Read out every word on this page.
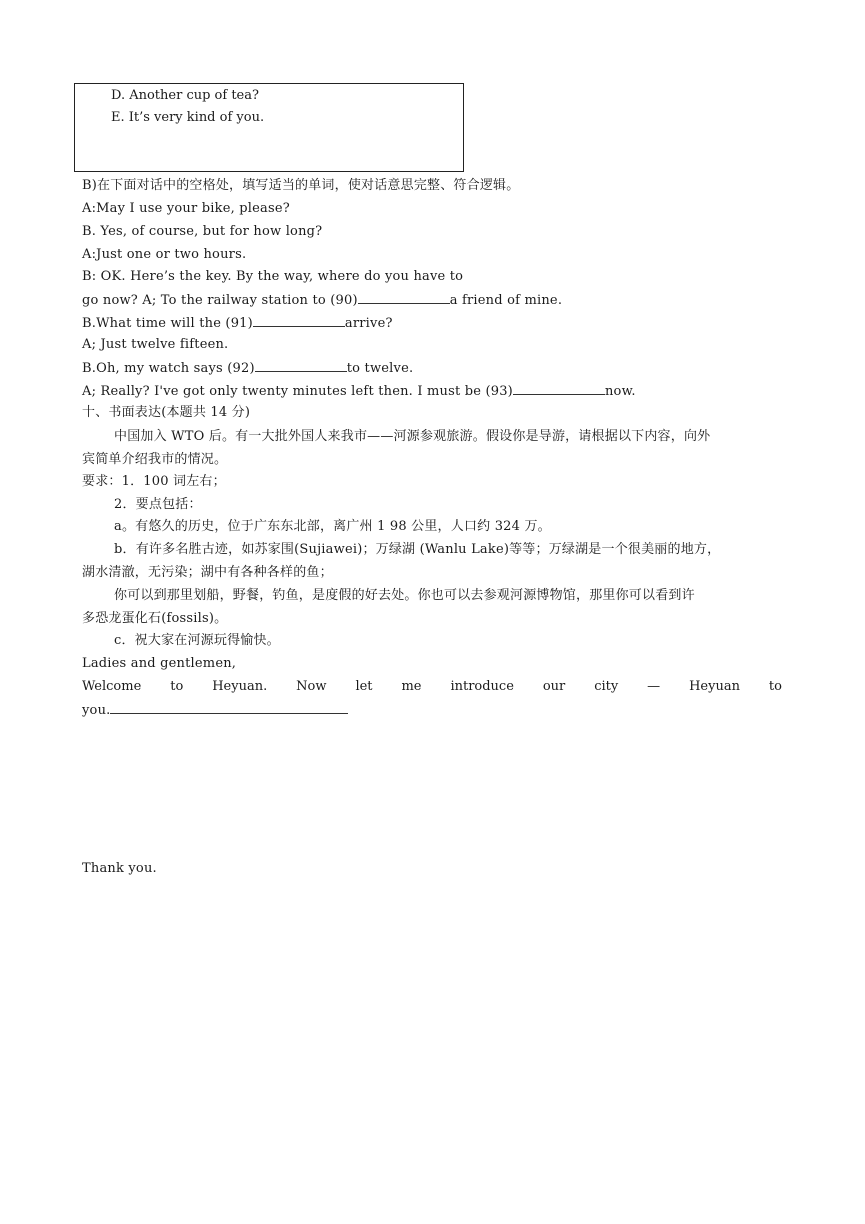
D. Another cup of tea?
E. It’s very kind of you.
B)在下面对话中的空格处，填写适当的单词，使对话意思完整、符合逻辑。
A:May I use your bike, please?
B. Yes, of course, but for how long?
A:Just one or two hours.
B: OK. Here’s the key. By the way, where do you have to
go now? A; To the railway station to (90)	a friend of mine.
B.What time will the (91)	arrive?
A; Just twelve fifteen.
B.Oh, my watch says (92)	to twelve.
A; Really? I've got only twenty minutes left then. I must be (93)	now.
十、书面表达(本题共 14 分)
中国加入 WTO 后。有一大批外国人来我市——河源参观旅游。假设你是导游，请根据以下内容，向外
宾简单介绍我市的情况。
要求：1．100 词左右；
2．要点包括：
a。有悠久的历史，位于广东东北部，离广州 1 98 公里，人口约 324 万。
b．有许多名胜古迹，如苏家围(Sujiawei)；万绿湖 (Wanlu Lake)等等；万绿湖是一个很美丽的地方，
湖水清澈，无污染；湖中有各种各样的鱼；
你可以到那里划船，野餐，钓鱼，是度假的好去处。你也可以去参观河源博物馆，那里你可以看到许
多恐龙蛋化石(fossils)。
c．祝大家在河源玩得愉快。
Ladies and gentlemen,
Welcome to Heyuan. Now let me introduce our city — Heyuan to
you.
Thank you.
